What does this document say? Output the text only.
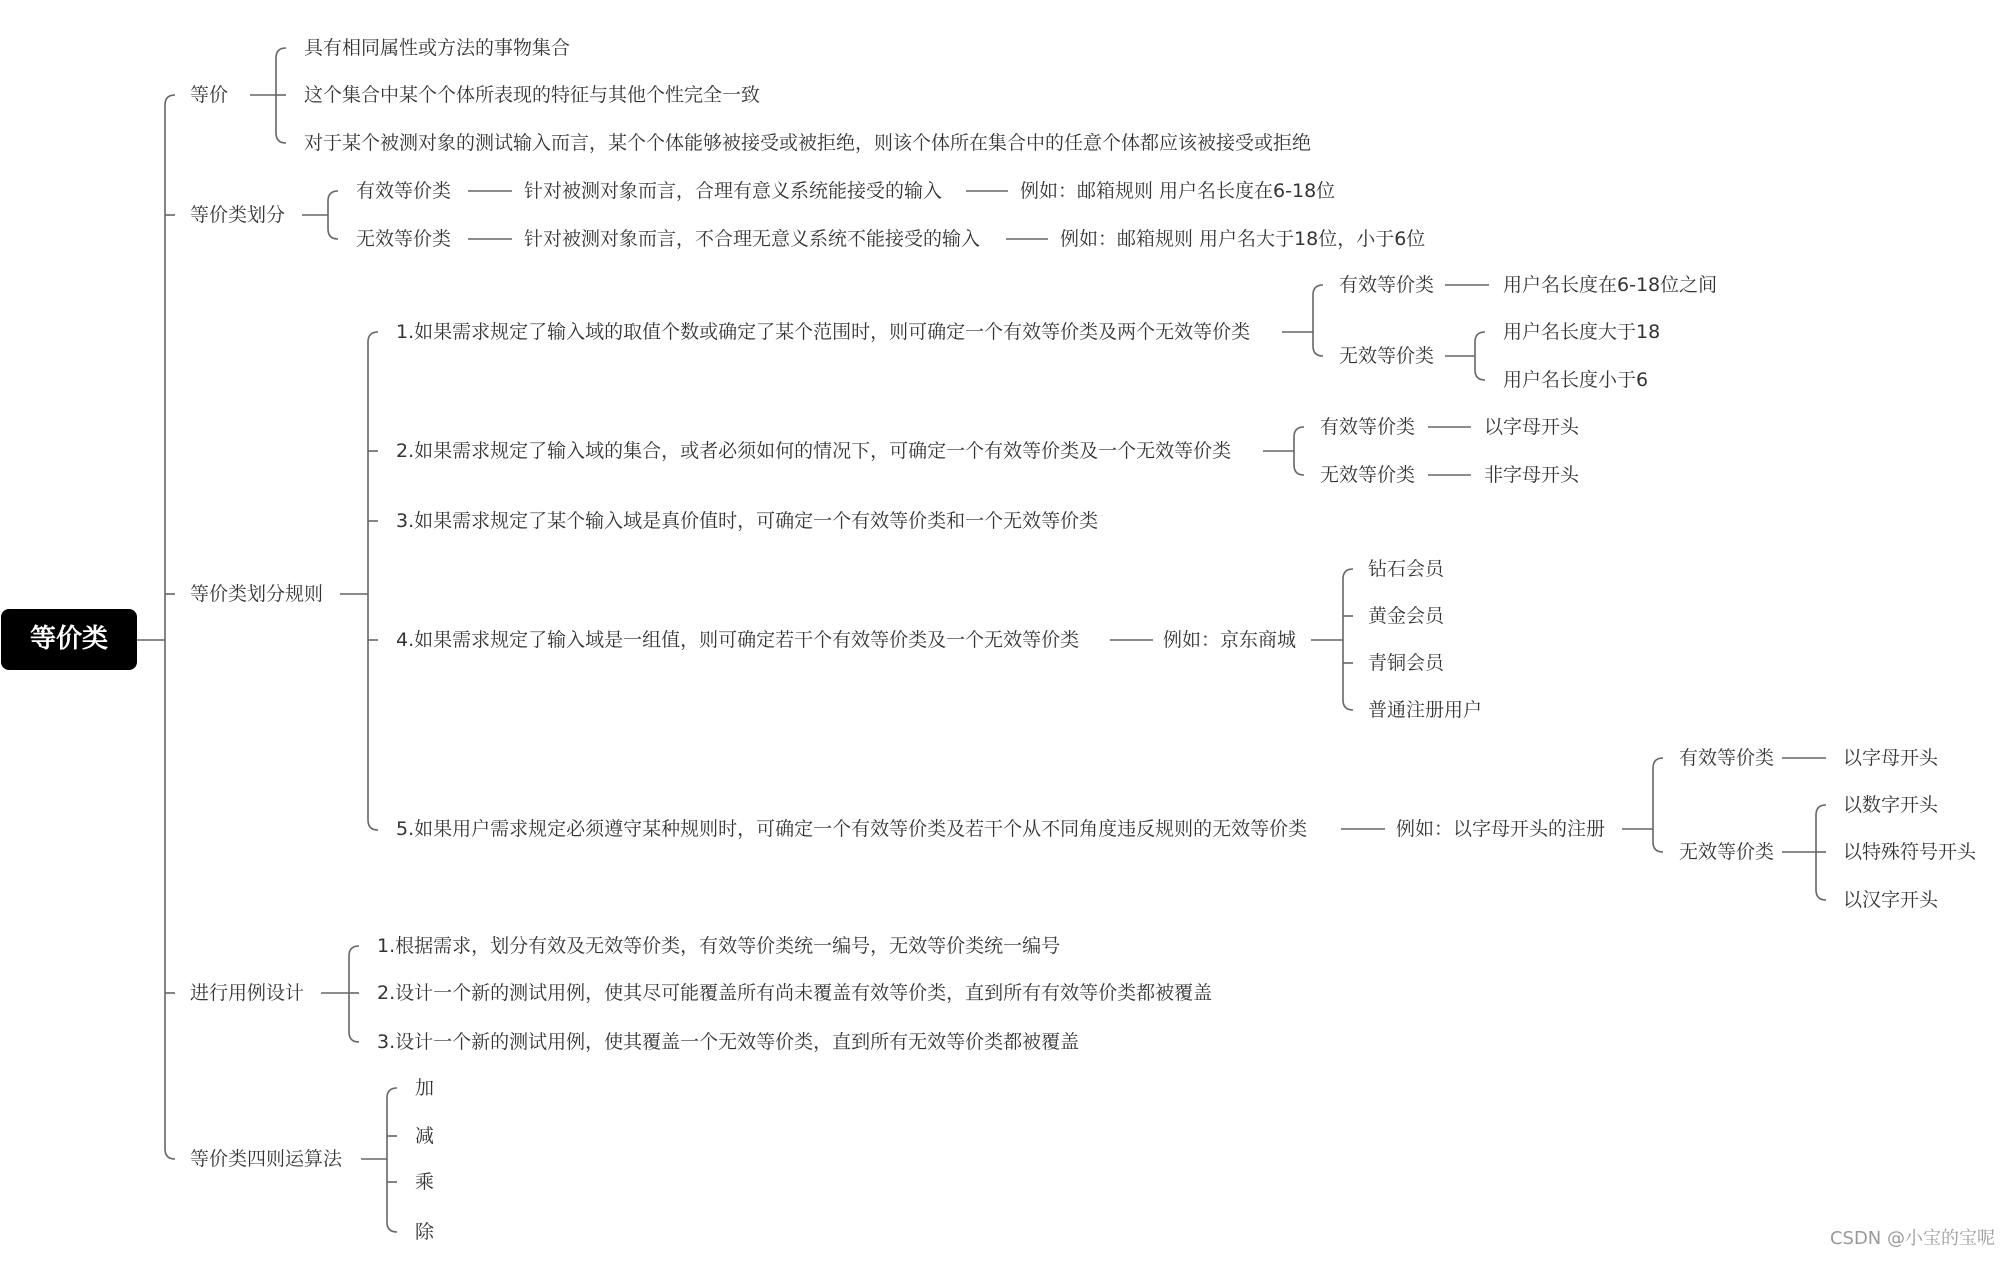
等价类
等价
具有相同属性或方法的事物集合
这个集合中某个个体所表现的特征与其他个性完全一致
对于某个被测对象的测试输入而言，某个个体能够被接受或被拒绝，则该个体所在集合中的任意个体都应该被接受或拒绝
等价类划分
有效等价类	针对被测对象而言，合理有意义系统能接受的输入	例如：邮箱规则 用户名长度在6-18位
无效等价类	针对被测对象而言，不合理无意义系统不能接受的输入	例如：邮箱规则 用户名大于18位，小于6位
等价类划分规则
1.如果需求规定了输入域的取值个数或确定了某个范围时，则可确定一个有效等价类及两个无效等价类
有效等价类	用户名长度在6-18位之间
无效等价类
用户名长度大于18
用户名长度小于6
2.如果需求规定了输入域的集合，或者必须如何的情况下，可确定一个有效等价类及一个无效等价类
有效等价类	以字母开头
无效等价类	非字母开头
3.如果需求规定了某个输入域是真价值时，可确定一个有效等价类和一个无效等价类
4.如果需求规定了输入域是一组值，则可确定若干个有效等价类及一个无效等价类	例如：京东商城
钻石会员
黄金会员
青铜会员
普通注册用户
5.如果用户需求规定必须遵守某种规则时，可确定一个有效等价类及若干个从不同角度违反规则的无效等价类	例如：以字母开头的注册
有效等价类	以字母开头
无效等价类
以数字开头
以特殊符号开头
以汉字开头
进行用例设计
1.根据需求，划分有效及无效等价类，有效等价类统一编号，无效等价类统一编号
2.设计一个新的测试用例，使其尽可能覆盖所有尚未覆盖有效等价类，直到所有有效等价类都被覆盖
3.设计一个新的测试用例，使其覆盖一个无效等价类，直到所有无效等价类都被覆盖
等价类四则运算法
加
减
乘
除	CSDN @小宝的宝呢
